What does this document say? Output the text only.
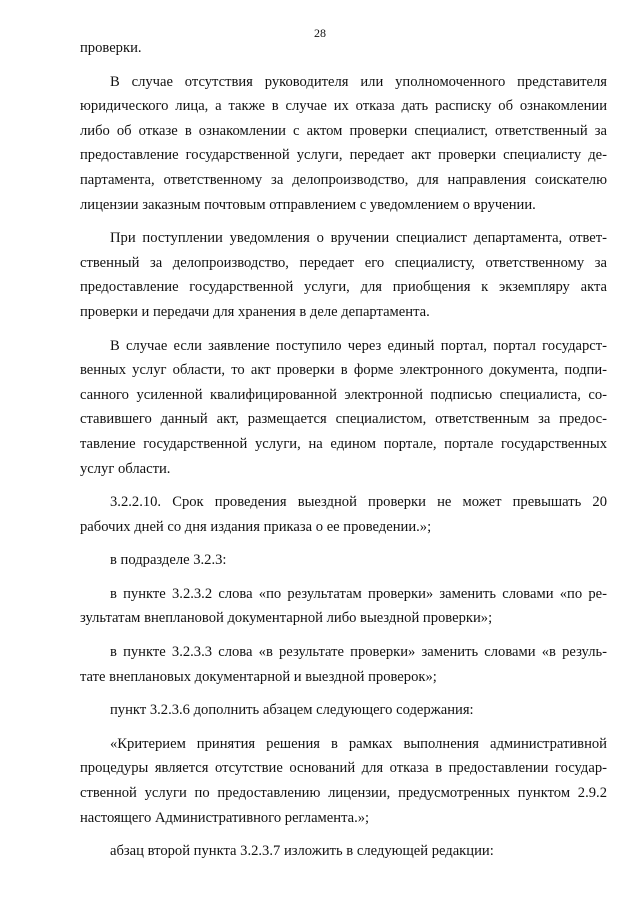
28
проверки.
В случае отсутствия руководителя или уполномоченного представителя
юридического лица, а также в случае их отказа дать расписку об ознакомлении
либо об отказе в ознакомлении с актом проверки специалист, ответственный за
предоставление государственной услуги, передает акт проверки специалисту де-
партамента, ответственному за делопроизводство, для направления соискателю
лицензии заказным почтовым отправлением с уведомлением о вручении.
При поступлении уведомления о вручении специалист департамента, ответ-
ственный за делопроизводство, передает его специалисту, ответственному за
предоставление государственной услуги, для приобщения к экземпляру акта
проверки и передачи для хранения в деле департамента.
В случае если заявление поступило через единый портал, портал государст-
венных услуг области, то акт проверки в форме электронного документа, подпи-
санного усиленной квалифицированной электронной подписью специалиста, со-
ставившего данный акт, размещается специалистом, ответственным за предос-
тавление государственной услуги, на едином портале, портале государственных
услуг области.
3.2.2.10. Срок проведения выездной проверки не может превышать 20
рабочих дней со дня издания приказа о ее проведении.»;
в подразделе 3.2.3:
в пункте 3.2.3.2 слова «по результатам проверки» заменить словами «по ре-
зультатам внеплановой документарной либо выездной проверки»;
в пункте 3.2.3.3 слова «в результате проверки» заменить словами «в резуль-
тате внеплановых документарной и выездной проверок»;
пункт 3.2.3.6 дополнить абзацем следующего содержания:
«Критерием принятия решения в рамках выполнения административной
процедуры является отсутствие оснований для отказа в предоставлении государ-
ственной услуги по предоставлению лицензии, предусмотренных пунктом 2.9.2
настоящего Административного регламента.»;
абзац второй пункта 3.2.3.7 изложить в следующей редакции:
